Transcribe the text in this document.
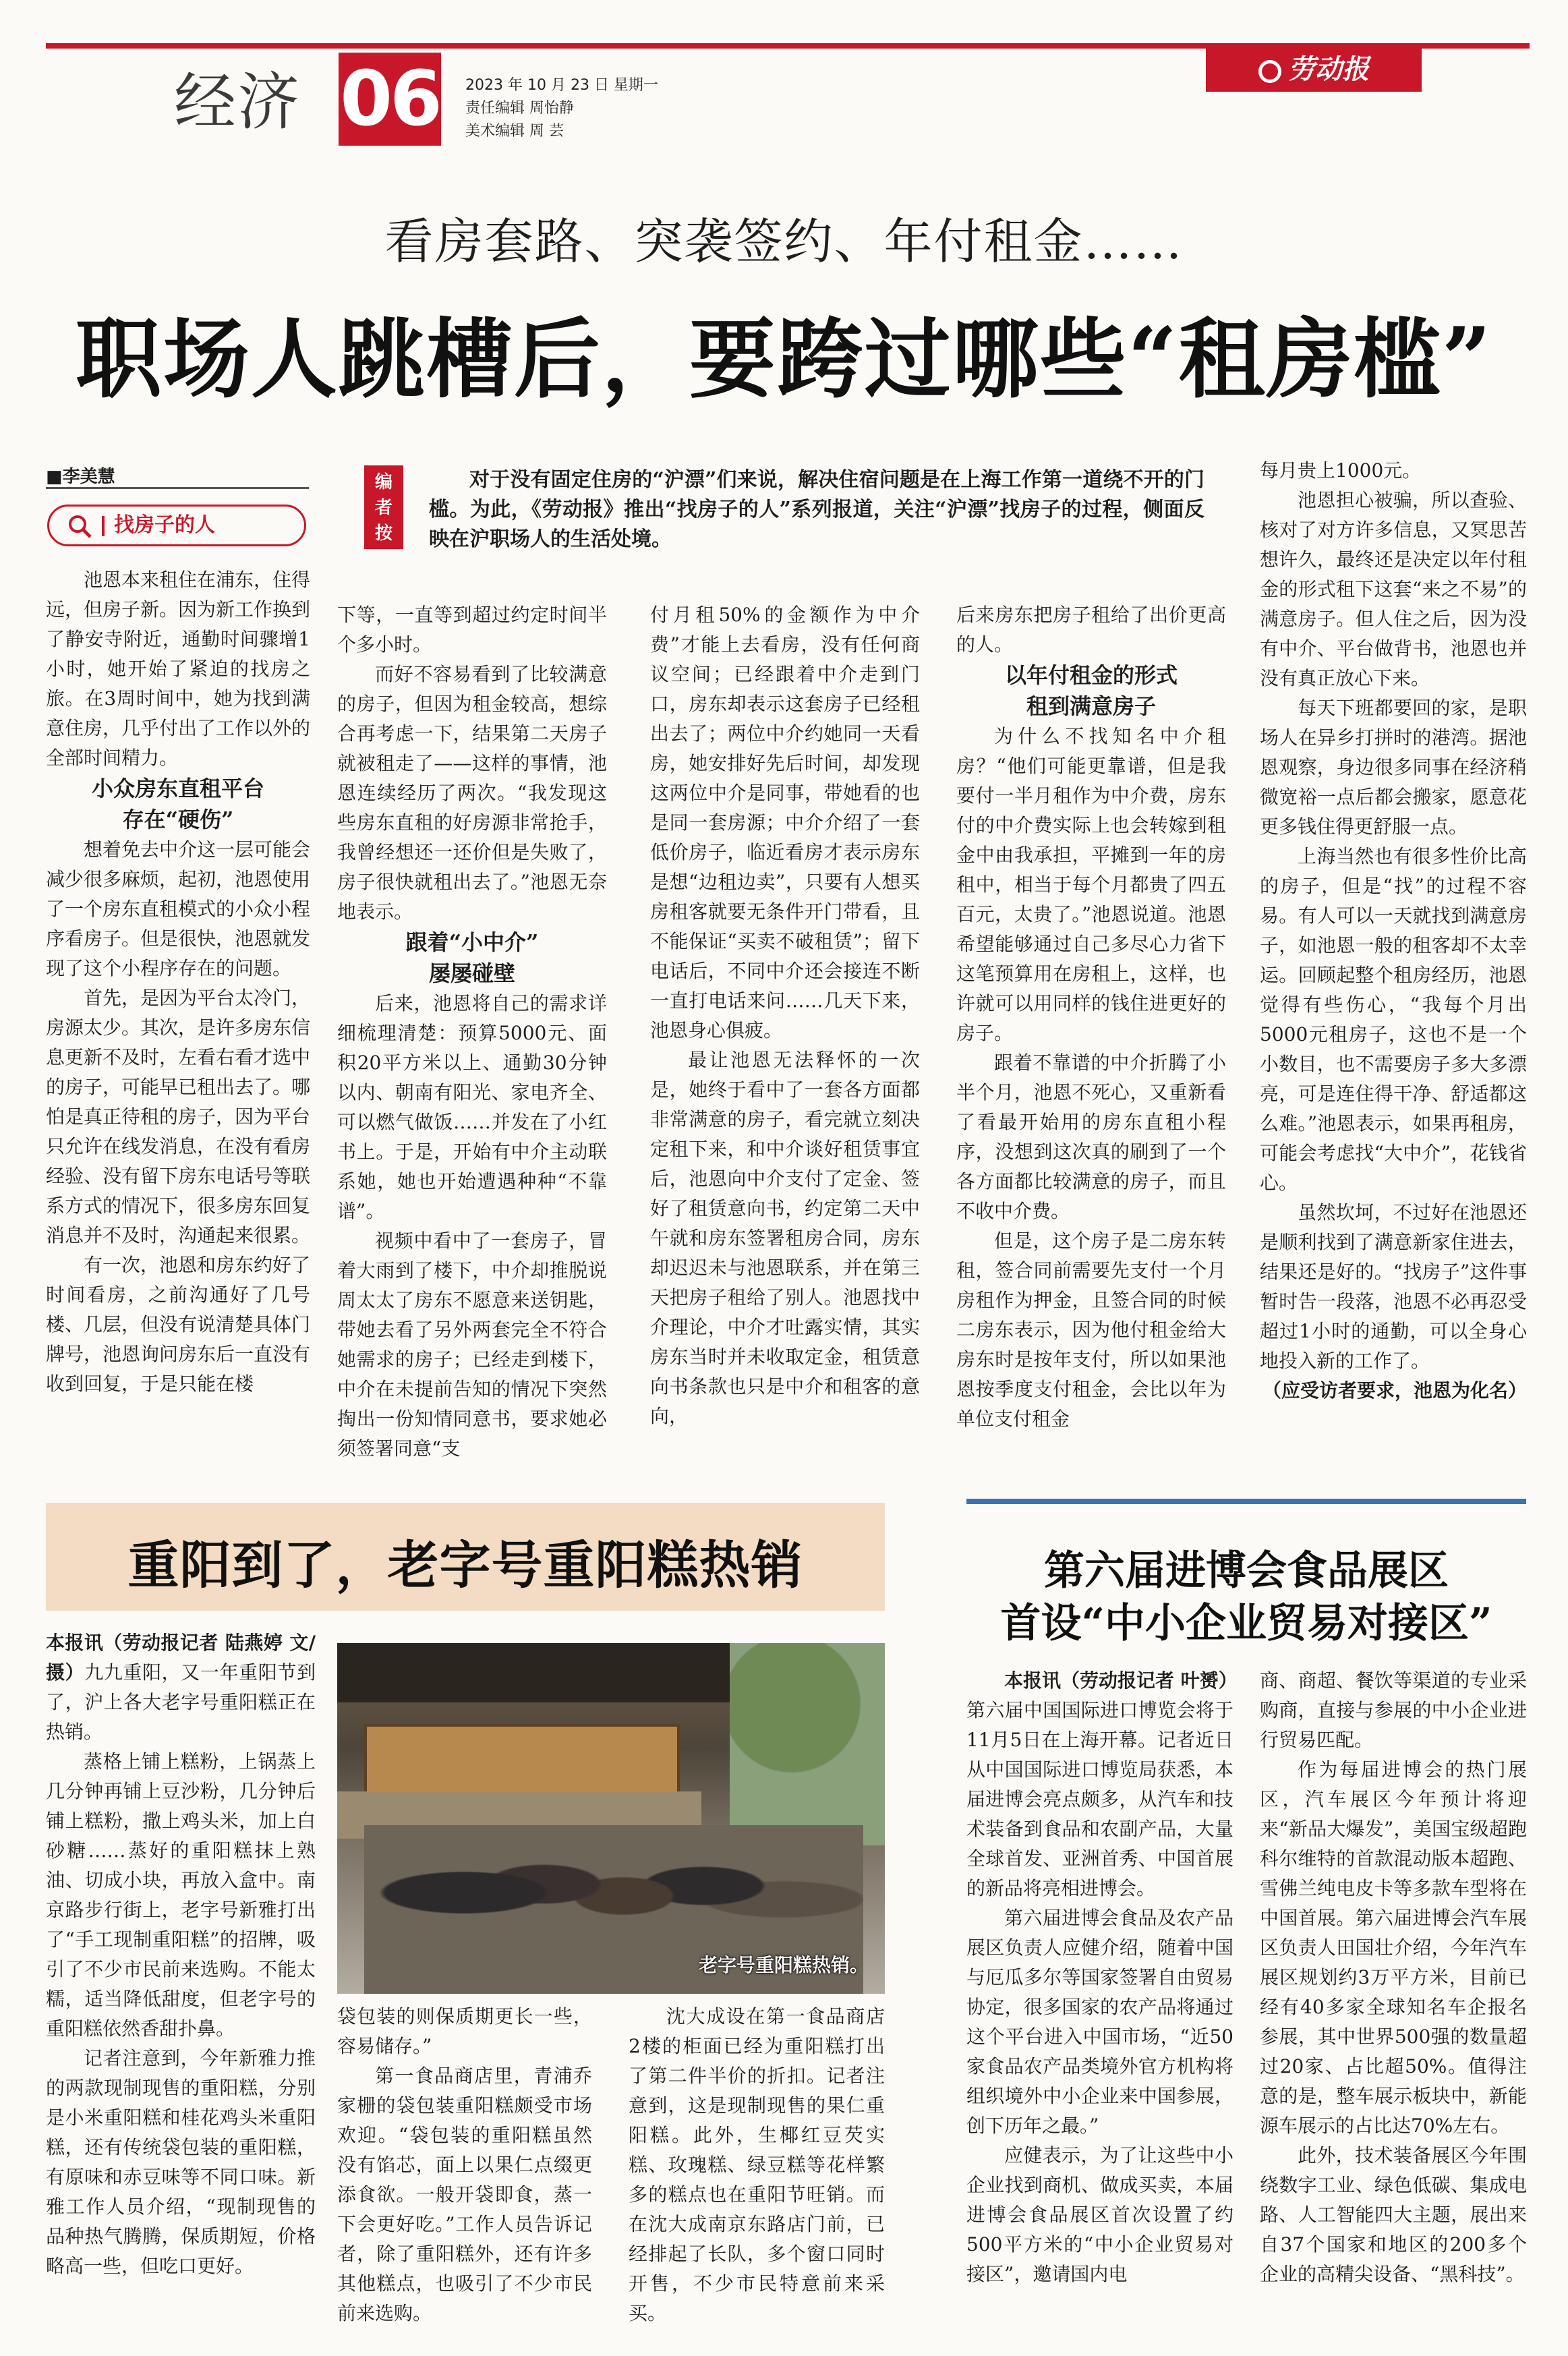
经济 06 2023 年 10 月 23 日 星期一
责任编辑 周怡静
美术编辑 周 芸
劳动报
看房套路、突袭签约、年付租金……
职场人跳槽后，要跨过哪些“租房槛”
■李美慧
找房子的人
编
者
按

对于没有固定住房的“沪漂”们来说，解决住宿问题是在上海工作第一道绕不开的门槛。为此，《劳动报》推出“找房子的人”系列报道，关注“沪漂”找房子的过程，侧面反映在沪职场人的生活处境。

池恩本来租住在浦东，住得远，但房子新。因为新工作换到了静安寺附近，通勤时间骤增1小时，她开始了紧迫的找房之旅。在3周时间中，她为找到满意住房，几乎付出了工作以外的全部时间精力。

小众房东直租平台
存在“硬伤”

想着免去中介这一层可能会减少很多麻烦，起初，池恩使用了一个房东直租模式的小众小程序看房子。但是很快，池恩就发现了这个小程序存在的问题。

首先，是因为平台太冷门，房源太少。其次，是许多房东信息更新不及时，左看右看才选中的房子，可能早已租出去了。哪怕是真正待租的房子，因为平台只允许在线发消息，在没有看房经验、没有留下房东电话号等联系方式的情况下，很多房东回复消息并不及时，沟通起来很累。

有一次，池恩和房东约好了时间看房，之前沟通好了几号楼、几层，但没有说清楚具体门牌号，池恩询问房东后一直没有收到回复，于是只能在楼

下等，一直等到超过约定时间半个多小时。

而好不容易看到了比较满意的房子，但因为租金较高，想综合再考虑一下，结果第二天房子就被租走了——这样的事情，池恩连续经历了两次。“我发现这些房东直租的好房源非常抢手，我曾经想还一还价但是失败了，房子很快就租出去了。”池恩无奈地表示。

跟着“小中介”
屡屡碰壁

后来，池恩将自己的需求详细梳理清楚：预算5000元、面积20平方米以上、通勤30分钟以内、朝南有阳光、家电齐全、可以燃气做饭……并发在了小红书上。于是，开始有中介主动联系她，她也开始遭遇种种“不靠谱”。

视频中看中了一套房子，冒着大雨到了楼下，中介却推脱说周太太了房东不愿意来送钥匙，带她去看了另外两套完全不符合她需求的房子；已经走到楼下，中介在未提前告知的情况下突然掏出一份知情同意书，要求她必须签署同意“支

付月租50%的金额作为中介费”才能上去看房，没有任何商议空间；已经跟着中介走到门口，房东却表示这套房子已经租出去了；两位中介约她同一天看房，她安排好先后时间，却发现这两位中介是同事，带她看的也是同一套房源；中介介绍了一套低价房子，临近看房才表示房东是想“边租边卖”，只要有人想买房租客就要无条件开门带看，且不能保证“买卖不破租赁”；留下电话后，不同中介还会接连不断一直打电话来问……几天下来，池恩身心俱疲。

最让池恩无法释怀的一次是，她终于看中了一套各方面都非常满意的房子，看完就立刻决定租下来，和中介谈好租赁事宜后，池恩向中介支付了定金、签好了租赁意向书，约定第二天中午就和房东签署租房合同，房东却迟迟未与池恩联系，并在第三天把房子租给了别人。池恩找中介理论，中介才吐露实情，其实房东当时并未收取定金，租赁意向书条款也只是中介和租客的意向，

后来房东把房子租给了出价更高的人。

以年付租金的形式
租到满意房子

为什么不找知名中介租房？“他们可能更靠谱，但是我要付一半月租作为中介费，房东付的中介费实际上也会转嫁到租金中由我承担，平摊到一年的房租中，相当于每个月都贵了四五百元，太贵了。”池恩说道。池恩希望能够通过自己多尽心力省下这笔预算用在房租上，这样，也许就可以用同样的钱住进更好的房子。

跟着不靠谱的中介折腾了小半个月，池恩不死心，又重新看了看最开始用的房东直租小程序，没想到这次真的刷到了一个各方面都比较满意的房子，而且不收中介费。

但是，这个房子是二房东转租，签合同前需要先支付一个月房租作为押金，且签合同的时候二房东表示，因为他付租金给大房东时是按年支付，所以如果池恩按季度支付租金，会比以年为单位支付租金

每月贵上1000元。

池恩担心被骗，所以查验、核对了对方许多信息，又冥思苦想许久，最终还是决定以年付租金的形式租下这套“来之不易”的满意房子。但人住之后，因为没有中介、平台做背书，池恩也并没有真正放心下来。

每天下班都要回的家，是职场人在异乡打拼时的港湾。据池恩观察，身边很多同事在经济稍微宽裕一点后都会搬家，愿意花更多钱住得更舒服一点。

上海当然也有很多性价比高的房子，但是“找”的过程不容易。有人可以一天就找到满意房子，如池恩一般的租客却不太幸运。回顾起整个租房经历，池恩觉得有些伤心，“我每个月出5000元租房子，这也不是一个小数目，也不需要房子多大多漂亮，可是连住得干净、舒适都这么难。”池恩表示，如果再租房，可能会考虑找“大中介”，花钱省心。

虽然坎坷，不过好在池恩还是顺利找到了满意新家住进去，结果还是好的。“找房子”这件事暂时告一段落，池恩不必再忍受超过1小时的通勤，可以全身心地投入新的工作了。

（应受访者要求，池恩为化名）

重阳到了，老字号重阳糕热销

本报讯（劳动报记者 陆燕婷 文/摄）九九重阳，又一年重阳节到了，沪上各大老字号重阳糕正在热销。

蒸格上铺上糕粉，上锅蒸上几分钟再铺上豆沙粉，几分钟后铺上糕粉，撒上鸡头米，加上白砂糖……蒸好的重阳糕抹上熟油、切成小块，再放入盒中。南京路步行街上，老字号新雅打出了“手工现制重阳糕”的招牌，吸引了不少市民前来选购。不能太糯，适当降低甜度，但老字号的重阳糕依然香甜扑鼻。

记者注意到，今年新雅力推的两款现制现售的重阳糕，分别是小米重阳糕和桂花鸡头米重阳糕，还有传统袋包装的重阳糕，有原味和赤豆味等不同口味。新雅工作人员介绍，“现制现售的品种热气腾腾，保质期短，价格略高一些，但吃口更好。

老字号重阳糕热销。

袋包装的则保质期更长一些，容易储存。”

第一食品商店里，青浦乔家栅的袋包装重阳糕颇受市场欢迎。“袋包装的重阳糕虽然没有馅芯，面上以果仁点缀更添食欲。一般开袋即食，蒸一下会更好吃。”工作人员告诉记者，除了重阳糕外，还有许多其他糕点，也吸引了不少市民前来选购。

沈大成设在第一食品商店2楼的柜面已经为重阳糕打出了第二件半价的折扣。记者注意到，这是现制现售的果仁重阳糕。此外，生椰红豆芡实糕、玫瑰糕、绿豆糕等花样繁多的糕点也在重阳节旺销。而在沈大成南京东路店门前，已经排起了长队，多个窗口同时开售，不少市民特意前来采买。

第六届进博会食品展区
首设“中小企业贸易对接区”

本报讯（劳动报记者 叶赟）第六届中国国际进口博览会将于11月5日在上海开幕。记者近日从中国国际进口博览局获悉，本届进博会亮点颇多，从汽车和技术装备到食品和农副产品，大量全球首发、亚洲首秀、中国首展的新品将亮相进博会。

第六届进博会食品及农产品展区负责人应健介绍，随着中国与厄瓜多尔等国家签署自由贸易协定，很多国家的农产品将通过这个平台进入中国市场，“近50家食品农产品类境外官方机构将组织境外中小企业来中国参展，创下历年之最。”

应健表示，为了让这些中小企业找到商机、做成买卖，本届进博会食品展区首次设置了约500平方米的“中小企业贸易对接区”，邀请国内电

商、商超、餐饮等渠道的专业采购商，直接与参展的中小企业进行贸易匹配。

作为每届进博会的热门展区，汽车展区今年预计将迎来“新品大爆发”，美国宝级超跑科尔维特的首款混动版本超跑、雪佛兰纯电皮卡等多款车型将在中国首展。第六届进博会汽车展区负责人田国壮介绍，今年汽车展区规划约3万平方米，目前已经有40多家全球知名车企报名参展，其中世界500强的数量超过20家、占比超50%。值得注意的是，整车展示板块中，新能源车展示的占比达70%左右。

此外，技术装备展区今年围绕数字工业、绿色低碳、集成电路、人工智能四大主题，展出来自37个国家和地区的200多个企业的高精尖设备、“黑科技”。
